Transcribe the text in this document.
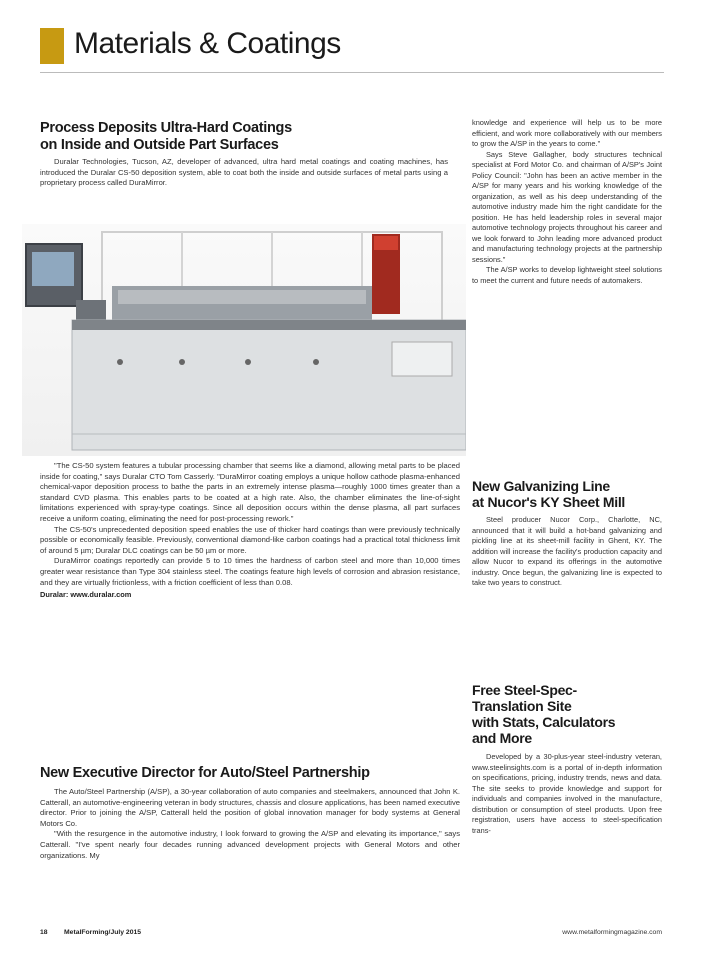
Materials & Coatings
Process Deposits Ultra-Hard Coatings
on Inside and Outside Part Surfaces

Duralar Technologies, Tucson, AZ, developer of advanced, ultra hard metal coatings and coating machines, has introduced the Duralar CS-50 deposition system, able to coat both the inside and outside surfaces of metal parts using a proprietary process called DuraMirror.

"The CS-50 system features a tubular processing chamber that seems like a diamond, allowing metal parts to be placed inside for coating," says Duralar CTO Tom Casserly. "DuraMirror coating employs a unique hollow cathode plasma-enhanced chemical-vapor deposition process to bathe the parts in an extremely intense plasma—roughly 1000 times greater than a standard CVD plasma. This enables parts to be coated at a high rate. Also, the chamber eliminates the line-of-sight limitations experienced with spray-type coatings. Since all deposition occurs within the dense plasma, all part surfaces receive a uniform coating, eliminating the need for post-processing rework."

The CS-50's unprecedented deposition speed enables the use of thicker hard coatings than were previously technically possible or economically feasible. Previously, conventional diamond-like carbon coatings had a practical total thickness limit of around 5 µm; Duralar DLC coatings can be 50 µm or more.

DuraMirror coatings reportedly can provide 5 to 10 times the hardness of carbon steel and more than 10,000 times greater wear resistance than Type 304 stainless steel. The coatings feature high levels of corrosion and abrasion resistance, and they are virtually frictionless, with a friction coefficient of less than 0.08.

Duralar: www.duralar.com
New Executive Director for Auto/Steel Partnership

The Auto/Steel Partnership (A/SP), a 30-year collaboration of auto companies and steelmakers, announced that John K. Catterall, an automotive-engineering veteran in body structures, chassis and closure applications, has been named executive director. Prior to joining the A/SP, Catterall held the position of global innovation manager for body systems at General Motors Co.

"With the resurgence in the automotive industry, I look forward to growing the A/SP and elevating its importance," says Catterall. "I've spent nearly four decades running advanced development projects with General Motors and other organizations. My

knowledge and experience will help us to be more efficient, and work more collaboratively with our members to grow the A/SP in the years to come."

Says Steve Gallagher, body structures technical specialist at Ford Motor Co. and chairman of A/SP's Joint Policy Council: "John has been an active member in the A/SP for many years and his working knowledge of the organization, as well as his deep understanding of the automotive industry made him the right candidate for the position. He has held leadership roles in several major automotive technology projects throughout his career and we look forward to John leading more advanced product and manufacturing technology projects at the partnership sessions."

The A/SP works to develop lightweight steel solutions to meet the current and future needs of automakers.

New Galvanizing Line
at Nucor's KY Sheet Mill

Steel producer Nucor Corp., Charlotte, NC, announced that it will build a hot-band galvanizing and pickling line at its sheet-mill facility in Ghent, KY. The addition will increase the facility's production capacity and allow Nucor to expand its offerings in the automotive industry. Once begun, the galvanizing line is expected to take two years to construct.

Free Steel-Spec-
Translation Site
with Stats, Calculators
and More

Developed by a 30-plus-year steel-industry veteran, www.steelinsights.com is a portal of in-depth information on specifications, pricing, industry trends, news and data. The site seeks to provide knowledge and support for individuals and companies involved in the manufacture, distribution or consumption of steel products. Upon free registration, users have access to steel-specification trans-

18 MetalForming/July 2015	www.metalformingmagazine.com
